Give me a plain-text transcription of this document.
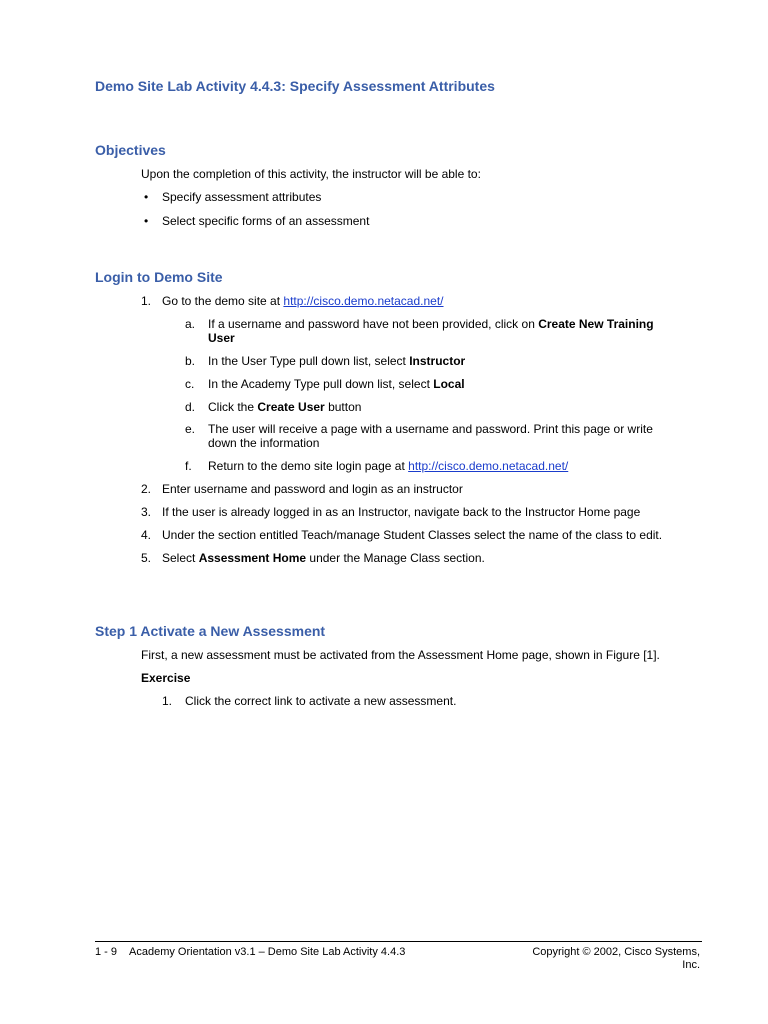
Demo Site Lab Activity 4.4.3: Specify Assessment Attributes
Objectives
Upon the completion of this activity, the instructor will be able to:
• Specify assessment attributes
• Select specific forms of an assessment
Login to Demo Site
1. Go to the demo site at http://cisco.demo.netacad.net/
a. If a username and password have not been provided, click on Create New Training
User
b. In the User Type pull down list, select Instructor
c. In the Academy Type pull down list, select Local
d. Click the Create User button
e. The user will receive a page with a username and password. Print this page or write
down the information
f. Return to the demo site login page at http://cisco.demo.netacad.net/
2. Enter username and password and login as an instructor
3. If the user is already logged in as an Instructor, navigate back to the Instructor Home page
4. Under the section entitled Teach/manage Student Classes select the name of the class to edit.
5. Select Assessment Home under the Manage Class section.
Step 1 Activate a New Assessment
First, a new assessment must be activated from the Assessment Home page, shown in Figure [1].
Exercise
1. Click the correct link to activate a new assessment.
1 - 9 Academy Orientation v3.1 – Demo Site Lab Activity 4.4.3	Copyright © 2002, Cisco Systems, Inc.
